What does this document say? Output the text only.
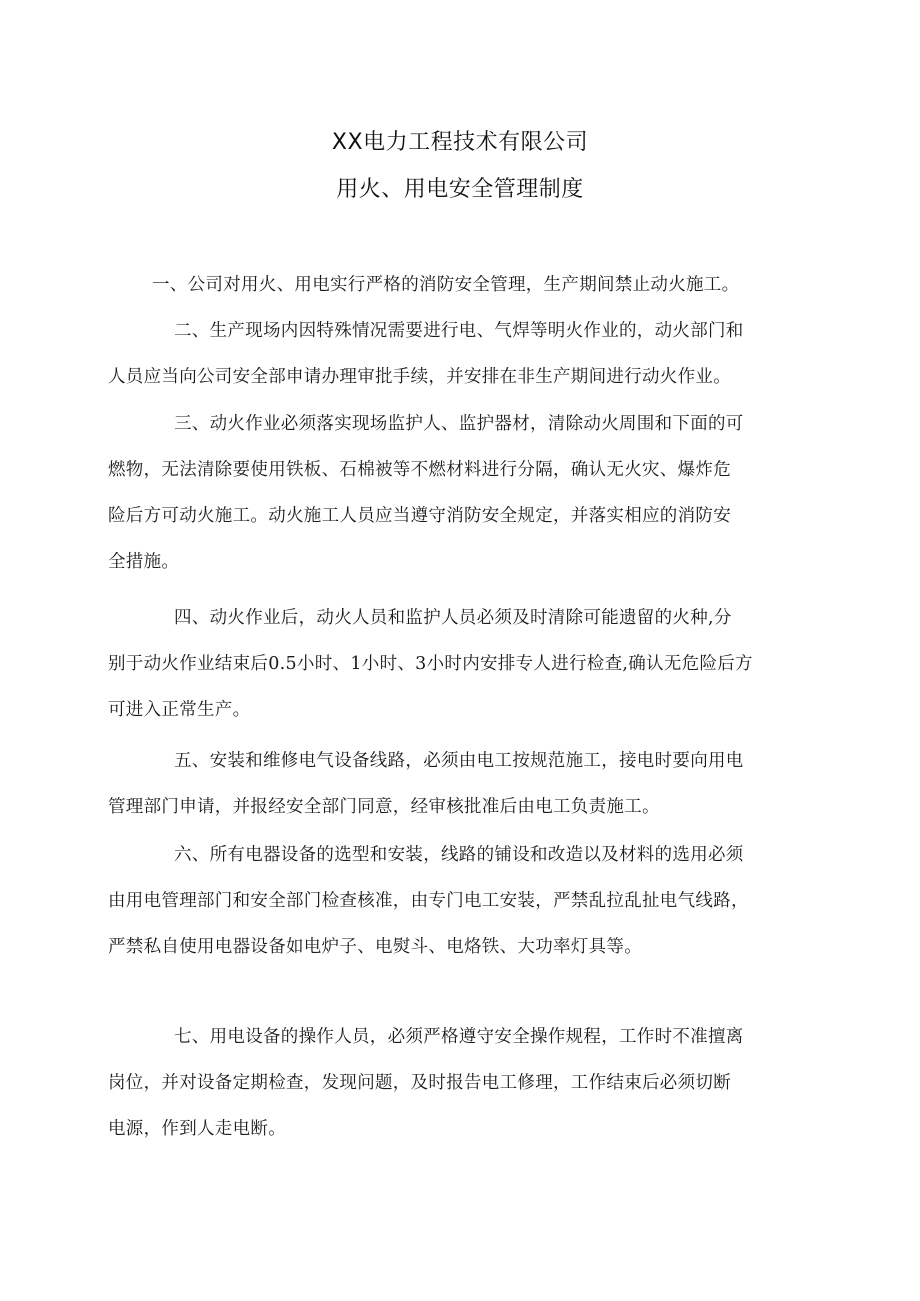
XX电力工程技术有限公司
用火、用电安全管理制度
一、公司对用火、用电实行严格的消防安全管理，生产期间禁止动火施工。
二、生产现场内因特殊情况需要进行电、气焊等明火作业的，动火部门和
人员应当向公司安全部申请办理审批手续，并安排在非生产期间进行动火作业。
三、动火作业必须落实现场监护人、监护器材，清除动火周围和下面的可
燃物，无法清除要使用铁板、石棉被等不燃材料进行分隔，确认无火灾、爆炸危
险后方可动火施工。动火施工人员应当遵守消防安全规定，并落实相应的消防安
全措施。
四、动火作业后，动火人员和监护人员必须及时清除可能遗留的火种,分
别于动火作业结束后0.5小时、1小时、3小时内安排专人进行检查,确认无危险后方
可进入正常生产。
五、安装和维修电气设备线路，必须由电工按规范施工，接电时要向用电
管理部门申请，并报经安全部门同意，经审核批准后由电工负责施工。
六、所有电器设备的选型和安装，线路的铺设和改造以及材料的选用必须
由用电管理部门和安全部门检查核准，由专门电工安装，严禁乱拉乱扯电气线路，
严禁私自使用电器设备如电炉子、电熨斗、电烙铁、大功率灯具等。
七、用电设备的操作人员，必须严格遵守安全操作规程，工作时不准擅离
岗位，并对设备定期检查，发现问题，及时报告电工修理，工作结束后必须切断
电源，作到人走电断。
